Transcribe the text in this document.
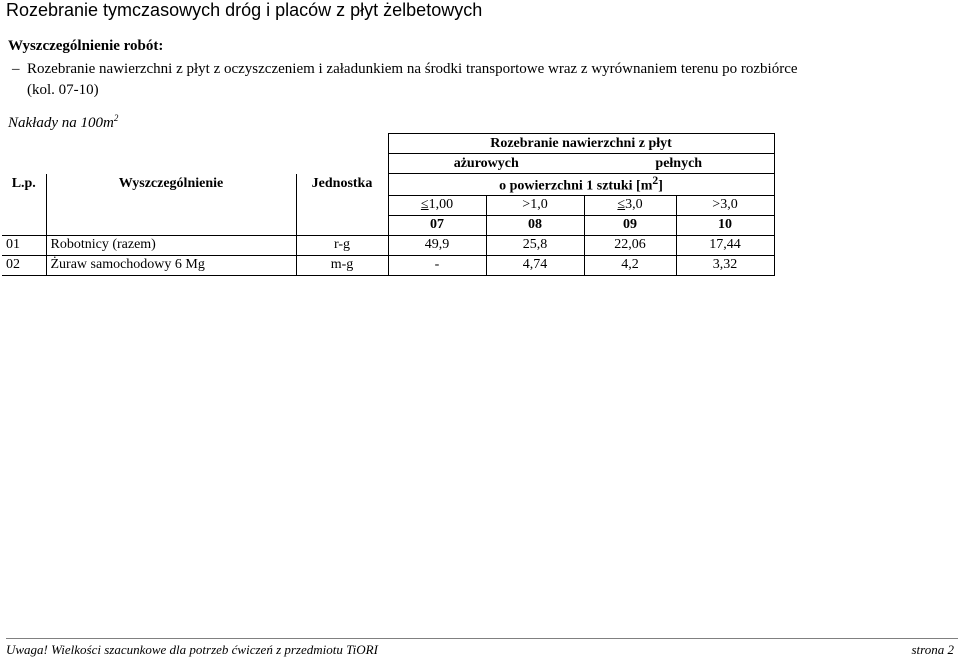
Rozebranie tymczasowych dróg i placów z płyt żelbetowych
Wyszczególnienie robót:
– Rozebranie nawierzchni z płyt z oczyszczeniem i załadunkiem na środki transportowe wraz z wyrównaniem terenu po rozbiórce
(kol. 07-10)
Nakłady na $100m^2$
			Rozebranie nawierzchni z płyt			
			ażurowych		pełnych	
L.p.	Wyszczególnienie	Jednostka	o powierzchni 1 sztuki $[m^2]$			
			≤1,00	>1,0	≤3,0	>3,0
			07	08	09	10
01	Robotnicy (razem)	r-g	49,9	25,8	22,06	17,44
02	Żuraw samochodowy 6 Mg	m-g	-	4,74	4,2	3,32
Uwaga! Wielkości szacunkowe dla potrzeb ćwiczeń z przedmiotu TiORI	strona 2
